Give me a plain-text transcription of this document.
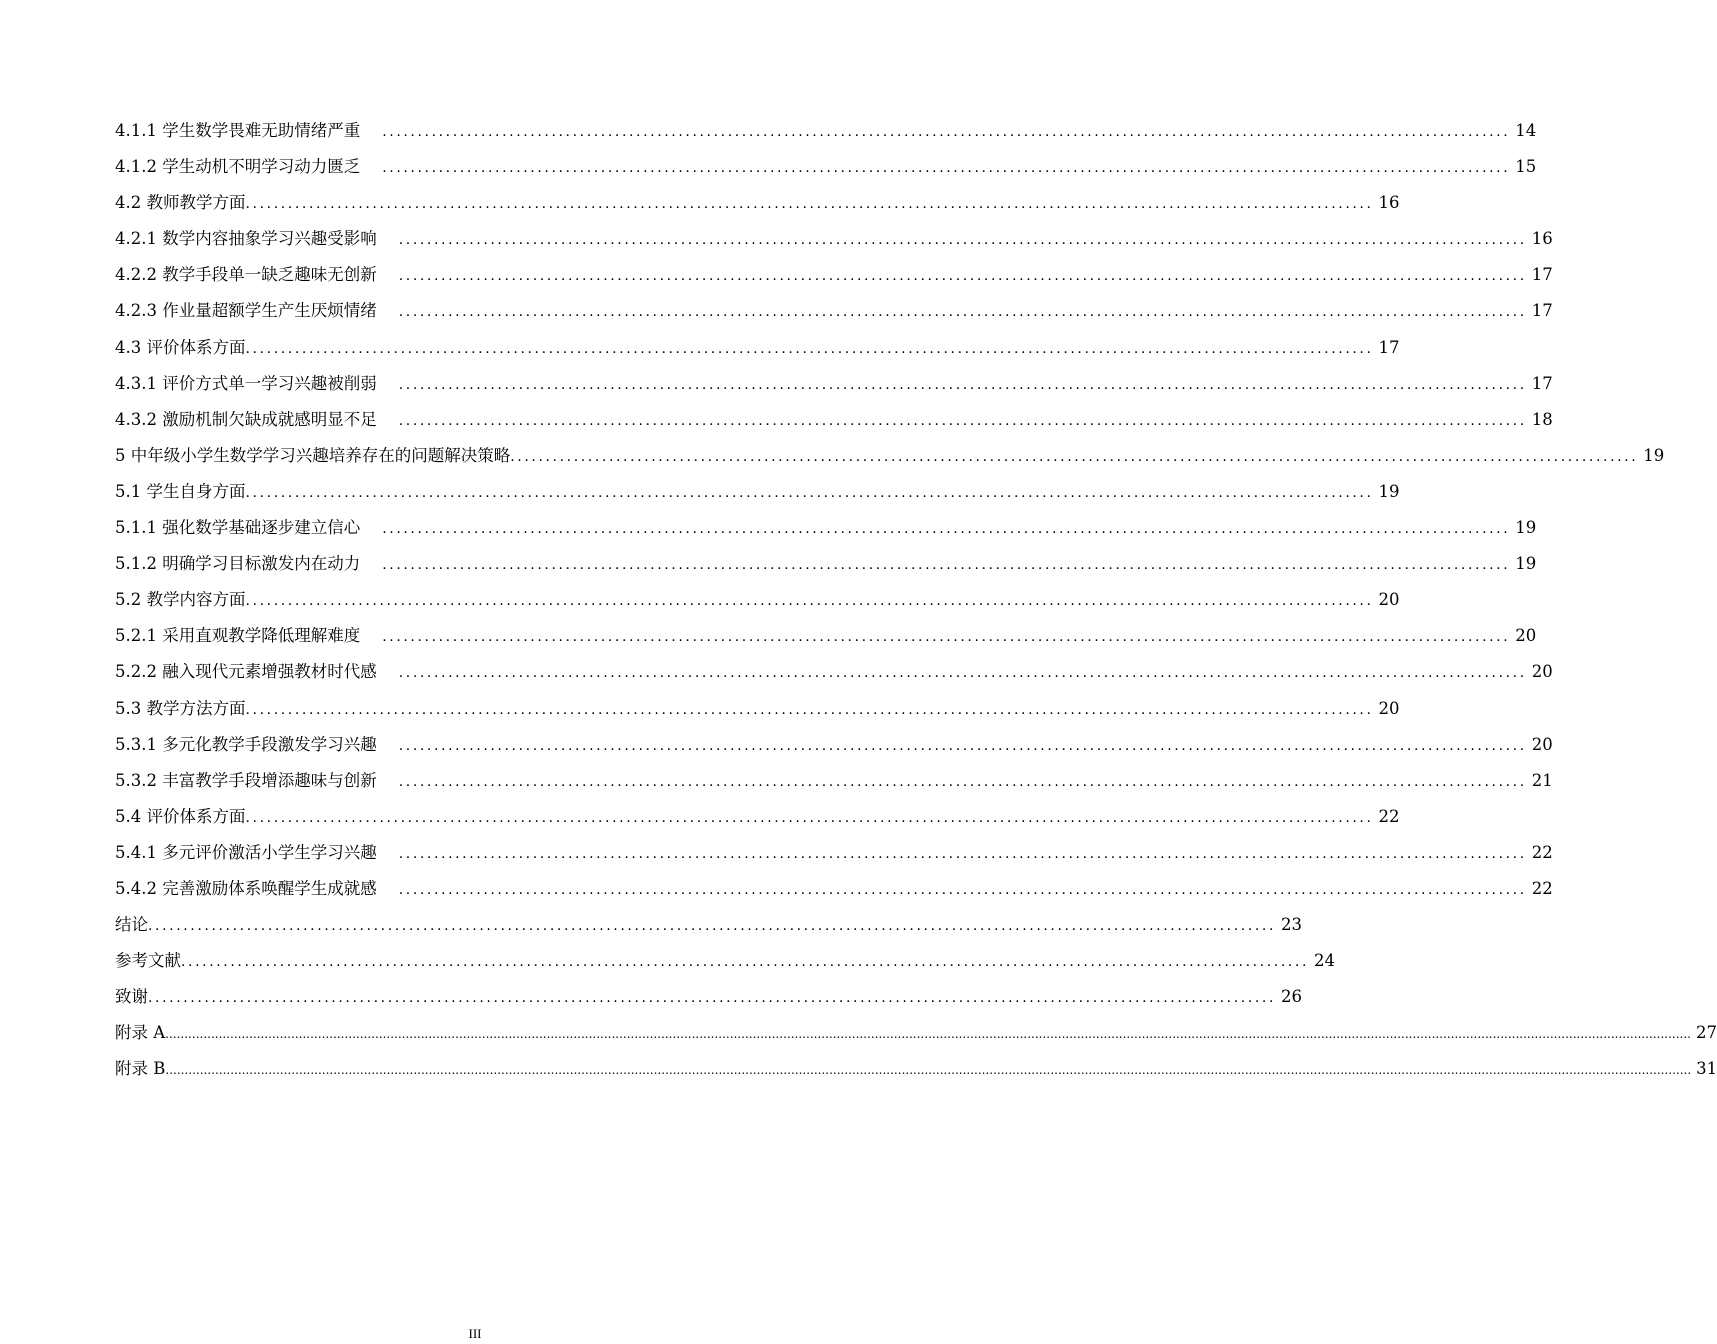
4.1.1 学生数学畏难无助情绪严重 ................................................................................................................................................................ 14
4.1.2 学生动机不明学习动力匮乏 ................................................................................................................................................................ 15
4.2 教师教学方面 ................................................................................................................................................................ 16
4.2.1 数学内容抽象学习兴趣受影响 ................................................................................................................................................................ 16
4.2.2 教学手段单一缺乏趣味无创新 ................................................................................................................................................................ 17
4.2.3 作业量超额学生产生厌烦情绪 ................................................................................................................................................................ 17
4.3 评价体系方面 ................................................................................................................................................................ 17
4.3.1 评价方式单一学习兴趣被削弱 ................................................................................................................................................................ 17
4.3.2 激励机制欠缺成就感明显不足 ................................................................................................................................................................ 18
5 中年级小学生数学学习兴趣培养存在的问题解决策略 ................................................................................................................................................................ 19
5.1 学生自身方面 ................................................................................................................................................................ 19
5.1.1 强化数学基础逐步建立信心 ................................................................................................................................................................ 19
5.1.2 明确学习目标激发内在动力 ................................................................................................................................................................ 19
5.2 教学内容方面 ................................................................................................................................................................ 20
5.2.1 采用直观教学降低理解难度 ................................................................................................................................................................ 20
5.2.2 融入现代元素增强教材时代感 ................................................................................................................................................................ 20
5.3 教学方法方面 ................................................................................................................................................................ 20
5.3.1 多元化教学手段激发学习兴趣 ................................................................................................................................................................ 20
5.3.2 丰富教学手段增添趣味与创新 ................................................................................................................................................................ 21
5.4 评价体系方面 ................................................................................................................................................................ 22
5.4.1 多元评价激活小学生学习兴趣 ................................................................................................................................................................ 22
5.4.2 完善激励体系唤醒学生成就感 ................................................................................................................................................................ 22
结论 ................................................................................................................................................................ 23
参考文献 ................................................................................................................................................................ 24
致谢 ................................................................................................................................................................ 26
附录 A ................................................................................................................................................................................................................................................................................................................................................................................................................ 27
附录 B ................................................................................................................................................................................................................................................................................................................................................................................................................ 31
III
